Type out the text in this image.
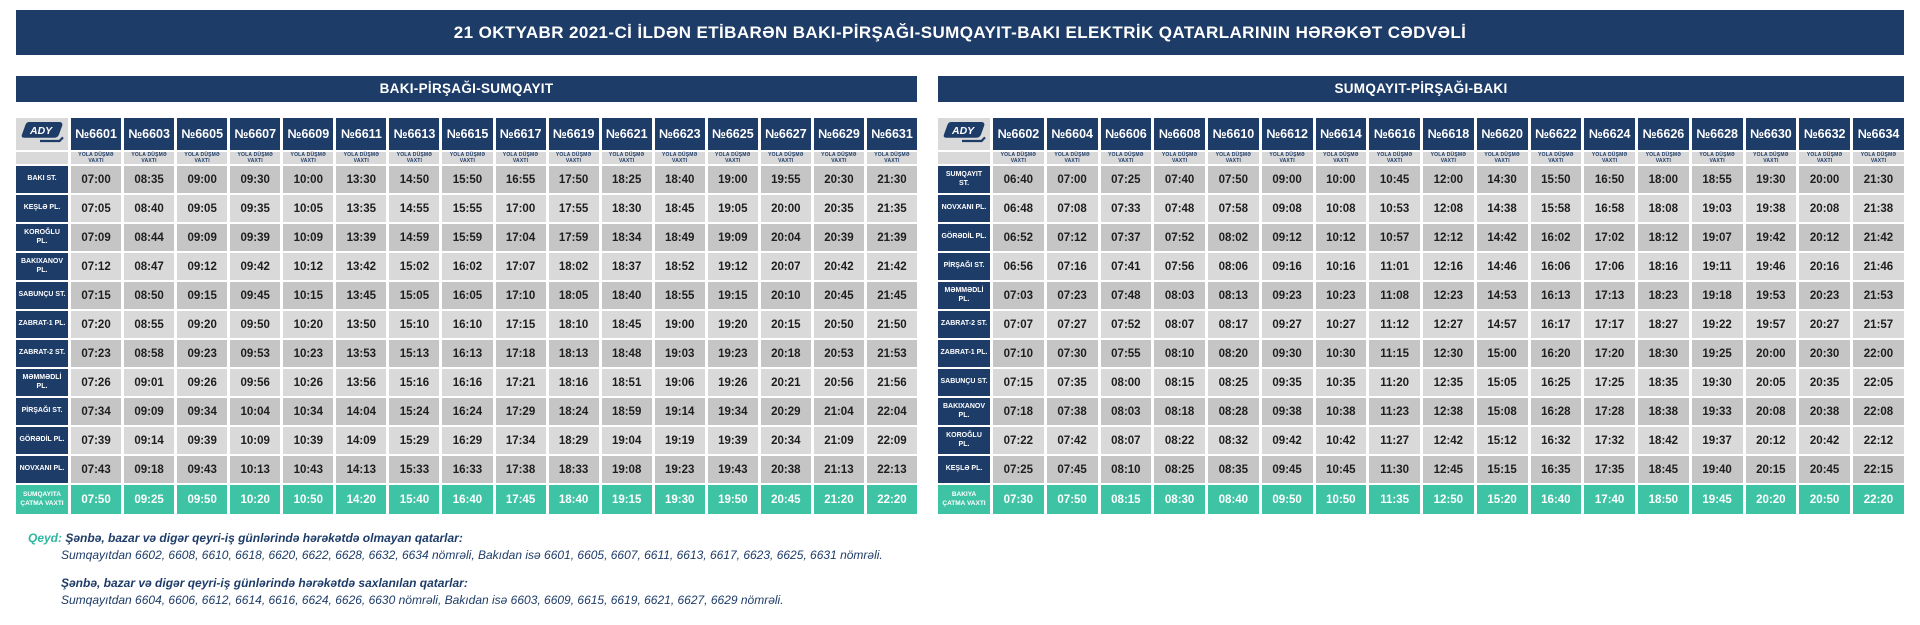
21 OKTYABR 2021-Cİ İLDƏN ETİBARƏN BAKI-PİRŞAĞI-SUMQAYIT-BAKI ELEKTRİK QATARLARININ HƏRƏKƏT CƏDVƏLİ
BAKI-PİRŞAĞI-SUMQAYIT
ADY	№6601	№6603	№6605	№6607	№6609	№6611	№6613	№6615	№6617	№6619	№6621	№6623	№6625	№6627	№6629	№6631
	YOLA DÜŞMƏ VAXTI	YOLA DÜŞMƏ VAXTI	YOLA DÜŞMƏ VAXTI	YOLA DÜŞMƏ VAXTI	YOLA DÜŞMƏ VAXTI	YOLA DÜŞMƏ VAXTI	YOLA DÜŞMƏ VAXTI	YOLA DÜŞMƏ VAXTI	YOLA DÜŞMƏ VAXTI	YOLA DÜŞMƏ VAXTI	YOLA DÜŞMƏ VAXTI	YOLA DÜŞMƏ VAXTI	YOLA DÜŞMƏ VAXTI	YOLA DÜŞMƏ VAXTI	YOLA DÜŞMƏ VAXTI	YOLA DÜŞMƏ VAXTI
BAKI ST.	07:00	08:35	09:00	09:30	10:00	13:30	14:50	15:50	16:55	17:50	18:25	18:40	19:00	19:55	20:30	21:30
KEŞLƏ PL.	07:05	08:40	09:05	09:35	10:05	13:35	14:55	15:55	17:00	17:55	18:30	18:45	19:05	20:00	20:35	21:35
KOROĞLU PL.	07:09	08:44	09:09	09:39	10:09	13:39	14:59	15:59	17:04	17:59	18:34	18:49	19:09	20:04	20:39	21:39
BAKIXANOV PL.	07:12	08:47	09:12	09:42	10:12	13:42	15:02	16:02	17:07	18:02	18:37	18:52	19:12	20:07	20:42	21:42
SABUNÇU ST.	07:15	08:50	09:15	09:45	10:15	13:45	15:05	16:05	17:10	18:05	18:40	18:55	19:15	20:10	20:45	21:45
ZABRAT-1 PL.	07:20	08:55	09:20	09:50	10:20	13:50	15:10	16:10	17:15	18:10	18:45	19:00	19:20	20:15	20:50	21:50
ZABRAT-2 ST.	07:23	08:58	09:23	09:53	10:23	13:53	15:13	16:13	17:18	18:13	18:48	19:03	19:23	20:18	20:53	21:53
MƏMMƏDLİ PL.	07:26	09:01	09:26	09:56	10:26	13:56	15:16	16:16	17:21	18:16	18:51	19:06	19:26	20:21	20:56	21:56
PİRŞAĞI ST.	07:34	09:09	09:34	10:04	10:34	14:04	15:24	16:24	17:29	18:24	18:59	19:14	19:34	20:29	21:04	22:04
GÖRƏDİL PL.	07:39	09:14	09:39	10:09	10:39	14:09	15:29	16:29	17:34	18:29	19:04	19:19	19:39	20:34	21:09	22:09
NOVXANI PL.	07:43	09:18	09:43	10:13	10:43	14:13	15:33	16:33	17:38	18:33	19:08	19:23	19:43	20:38	21:13	22:13
SUMQAYITA ÇATMA VAXTI	07:50	09:25	09:50	10:20	10:50	14:20	15:40	16:40	17:45	18:40	19:15	19:30	19:50	20:45	21:20	22:20
SUMQAYIT-PİRŞAĞI-BAKI
ADY	№6602	№6604	№6606	№6608	№6610	№6612	№6614	№6616	№6618	№6620	№6622	№6624	№6626	№6628	№6630	№6632	№6634
	YOLA DÜŞMƏ VAXTI	YOLA DÜŞMƏ VAXTI	YOLA DÜŞMƏ VAXTI	YOLA DÜŞMƏ VAXTI	YOLA DÜŞMƏ VAXTI	YOLA DÜŞMƏ VAXTI	YOLA DÜŞMƏ VAXTI	YOLA DÜŞMƏ VAXTI	YOLA DÜŞMƏ VAXTI	YOLA DÜŞMƏ VAXTI	YOLA DÜŞMƏ VAXTI	YOLA DÜŞMƏ VAXTI	YOLA DÜŞMƏ VAXTI	YOLA DÜŞMƏ VAXTI	YOLA DÜŞMƏ VAXTI	YOLA DÜŞMƏ VAXTI	YOLA DÜŞMƏ VAXTI
SUMQAYIT ST.	06:40	07:00	07:25	07:40	07:50	09:00	10:00	10:45	12:00	14:30	15:50	16:50	18:00	18:55	19:30	20:00	21:30
NOVXANI PL.	06:48	07:08	07:33	07:48	07:58	09:08	10:08	10:53	12:08	14:38	15:58	16:58	18:08	19:03	19:38	20:08	21:38
GÖRƏDİL PL.	06:52	07:12	07:37	07:52	08:02	09:12	10:12	10:57	12:12	14:42	16:02	17:02	18:12	19:07	19:42	20:12	21:42
PİRŞAĞI ST.	06:56	07:16	07:41	07:56	08:06	09:16	10:16	11:01	12:16	14:46	16:06	17:06	18:16	19:11	19:46	20:16	21:46
MƏMMƏDLİ PL.	07:03	07:23	07:48	08:03	08:13	09:23	10:23	11:08	12:23	14:53	16:13	17:13	18:23	19:18	19:53	20:23	21:53
ZABRAT-2 ST.	07:07	07:27	07:52	08:07	08:17	09:27	10:27	11:12	12:27	14:57	16:17	17:17	18:27	19:22	19:57	20:27	21:57
ZABRAT-1 PL.	07:10	07:30	07:55	08:10	08:20	09:30	10:30	11:15	12:30	15:00	16:20	17:20	18:30	19:25	20:00	20:30	22:00
SABUNÇU ST.	07:15	07:35	08:00	08:15	08:25	09:35	10:35	11:20	12:35	15:05	16:25	17:25	18:35	19:30	20:05	20:35	22:05
BAKIXANOV PL.	07:18	07:38	08:03	08:18	08:28	09:38	10:38	11:23	12:38	15:08	16:28	17:28	18:38	19:33	20:08	20:38	22:08
KOROĞLU PL.	07:22	07:42	08:07	08:22	08:32	09:42	10:42	11:27	12:42	15:12	16:32	17:32	18:42	19:37	20:12	20:42	22:12
KEŞLƏ PL.	07:25	07:45	08:10	08:25	08:35	09:45	10:45	11:30	12:45	15:15	16:35	17:35	18:45	19:40	20:15	20:45	22:15
BAKIYA ÇATMA VAXTI	07:30	07:50	08:15	08:30	08:40	09:50	10:50	11:35	12:50	15:20	16:40	17:40	18:50	19:45	20:20	20:50	22:20
Qeyd: Şənbə, bazar və digər qeyri-iş günlərində hərəkətdə olmayan qatarlar:
Sumqayıtdan 6602, 6608, 6610, 6618, 6620, 6622, 6628, 6632, 6634 nömrəli, Bakıdan isə 6601, 6605, 6607, 6611, 6613, 6617, 6623, 6625, 6631 nömrəli.
Şənbə, bazar və digər qeyri-iş günlərində hərəkətdə saxlanılan qatarlar:
Sumqayıtdan 6604, 6606, 6612, 6614, 6616, 6624, 6626, 6630 nömrəli, Bakıdan isə 6603, 6609, 6615, 6619, 6621, 6627, 6629 nömrəli.
